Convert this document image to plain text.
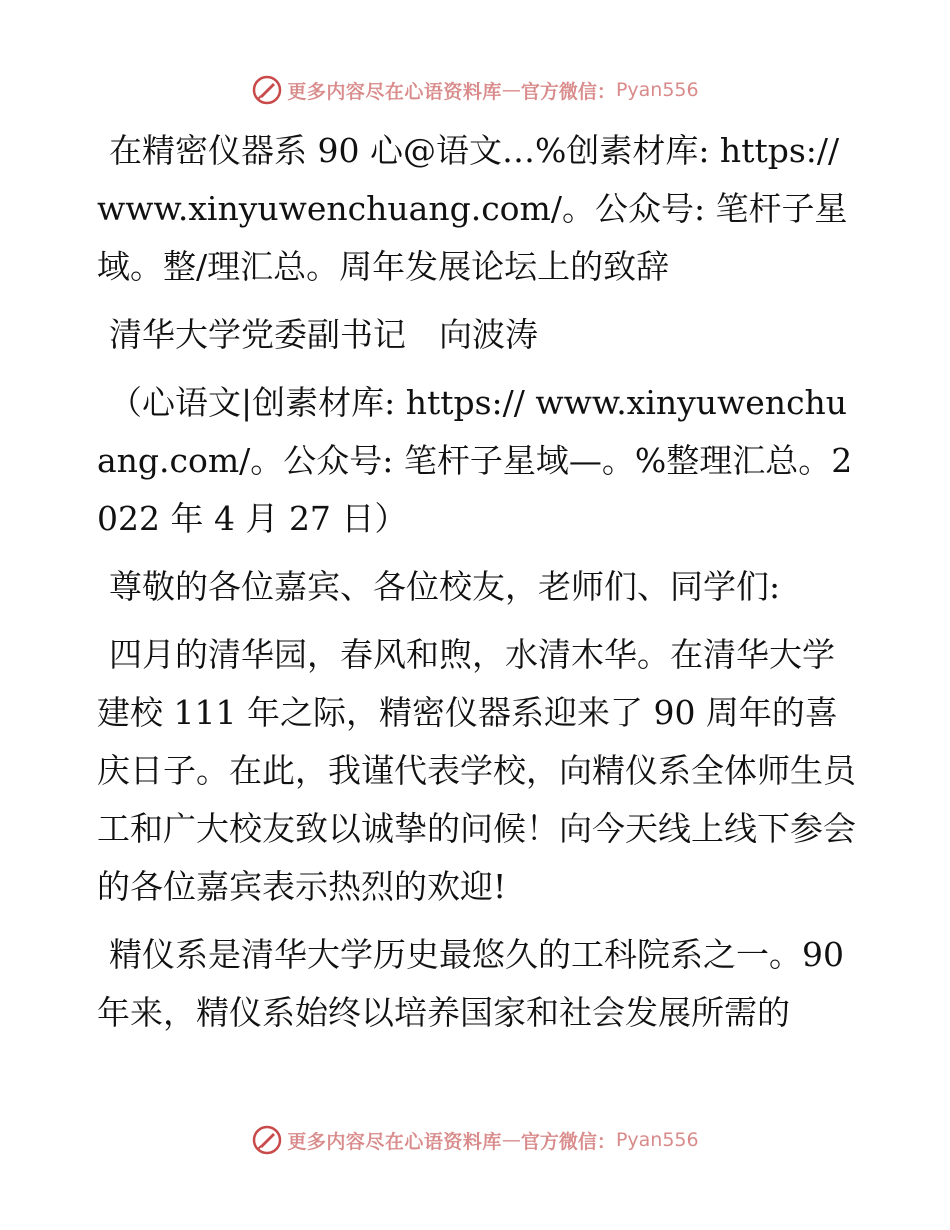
更多内容尽在心语资料库 — 官方微信： Pyan556

在精密仪器系 90 心@语文…%创素材库: https://www.xinyuwenchuang.com/。公众号: 笔杆子星域。整/理汇总。周年发展论坛上的致辞

清华大学党委副书记　向波涛

（心语文|创素材库: https:// www.xinyuwenchuang.com/。公众号: 笔杆子星域—。%整理汇总。2022 年 4 月 27 日）

尊敬的各位嘉宾、各位校友，老师们、同学们:

四月的清华园，春风和煦，水清木华。在清华大学建校 111 年之际，精密仪器系迎来了 90 周年的喜庆日子。在此，我谨代表学校，向精仪系全体师生员工和广大校友致以诚挚的问候！向今天线上线下参会的各位嘉宾表示热烈的欢迎!

精仪系是清华大学历史最悠久的工科院系之一。90 年来，精仪系始终以培养国家和社会发展所需的

更多内容尽在心语资料库 — 官方微信： Pyan556
